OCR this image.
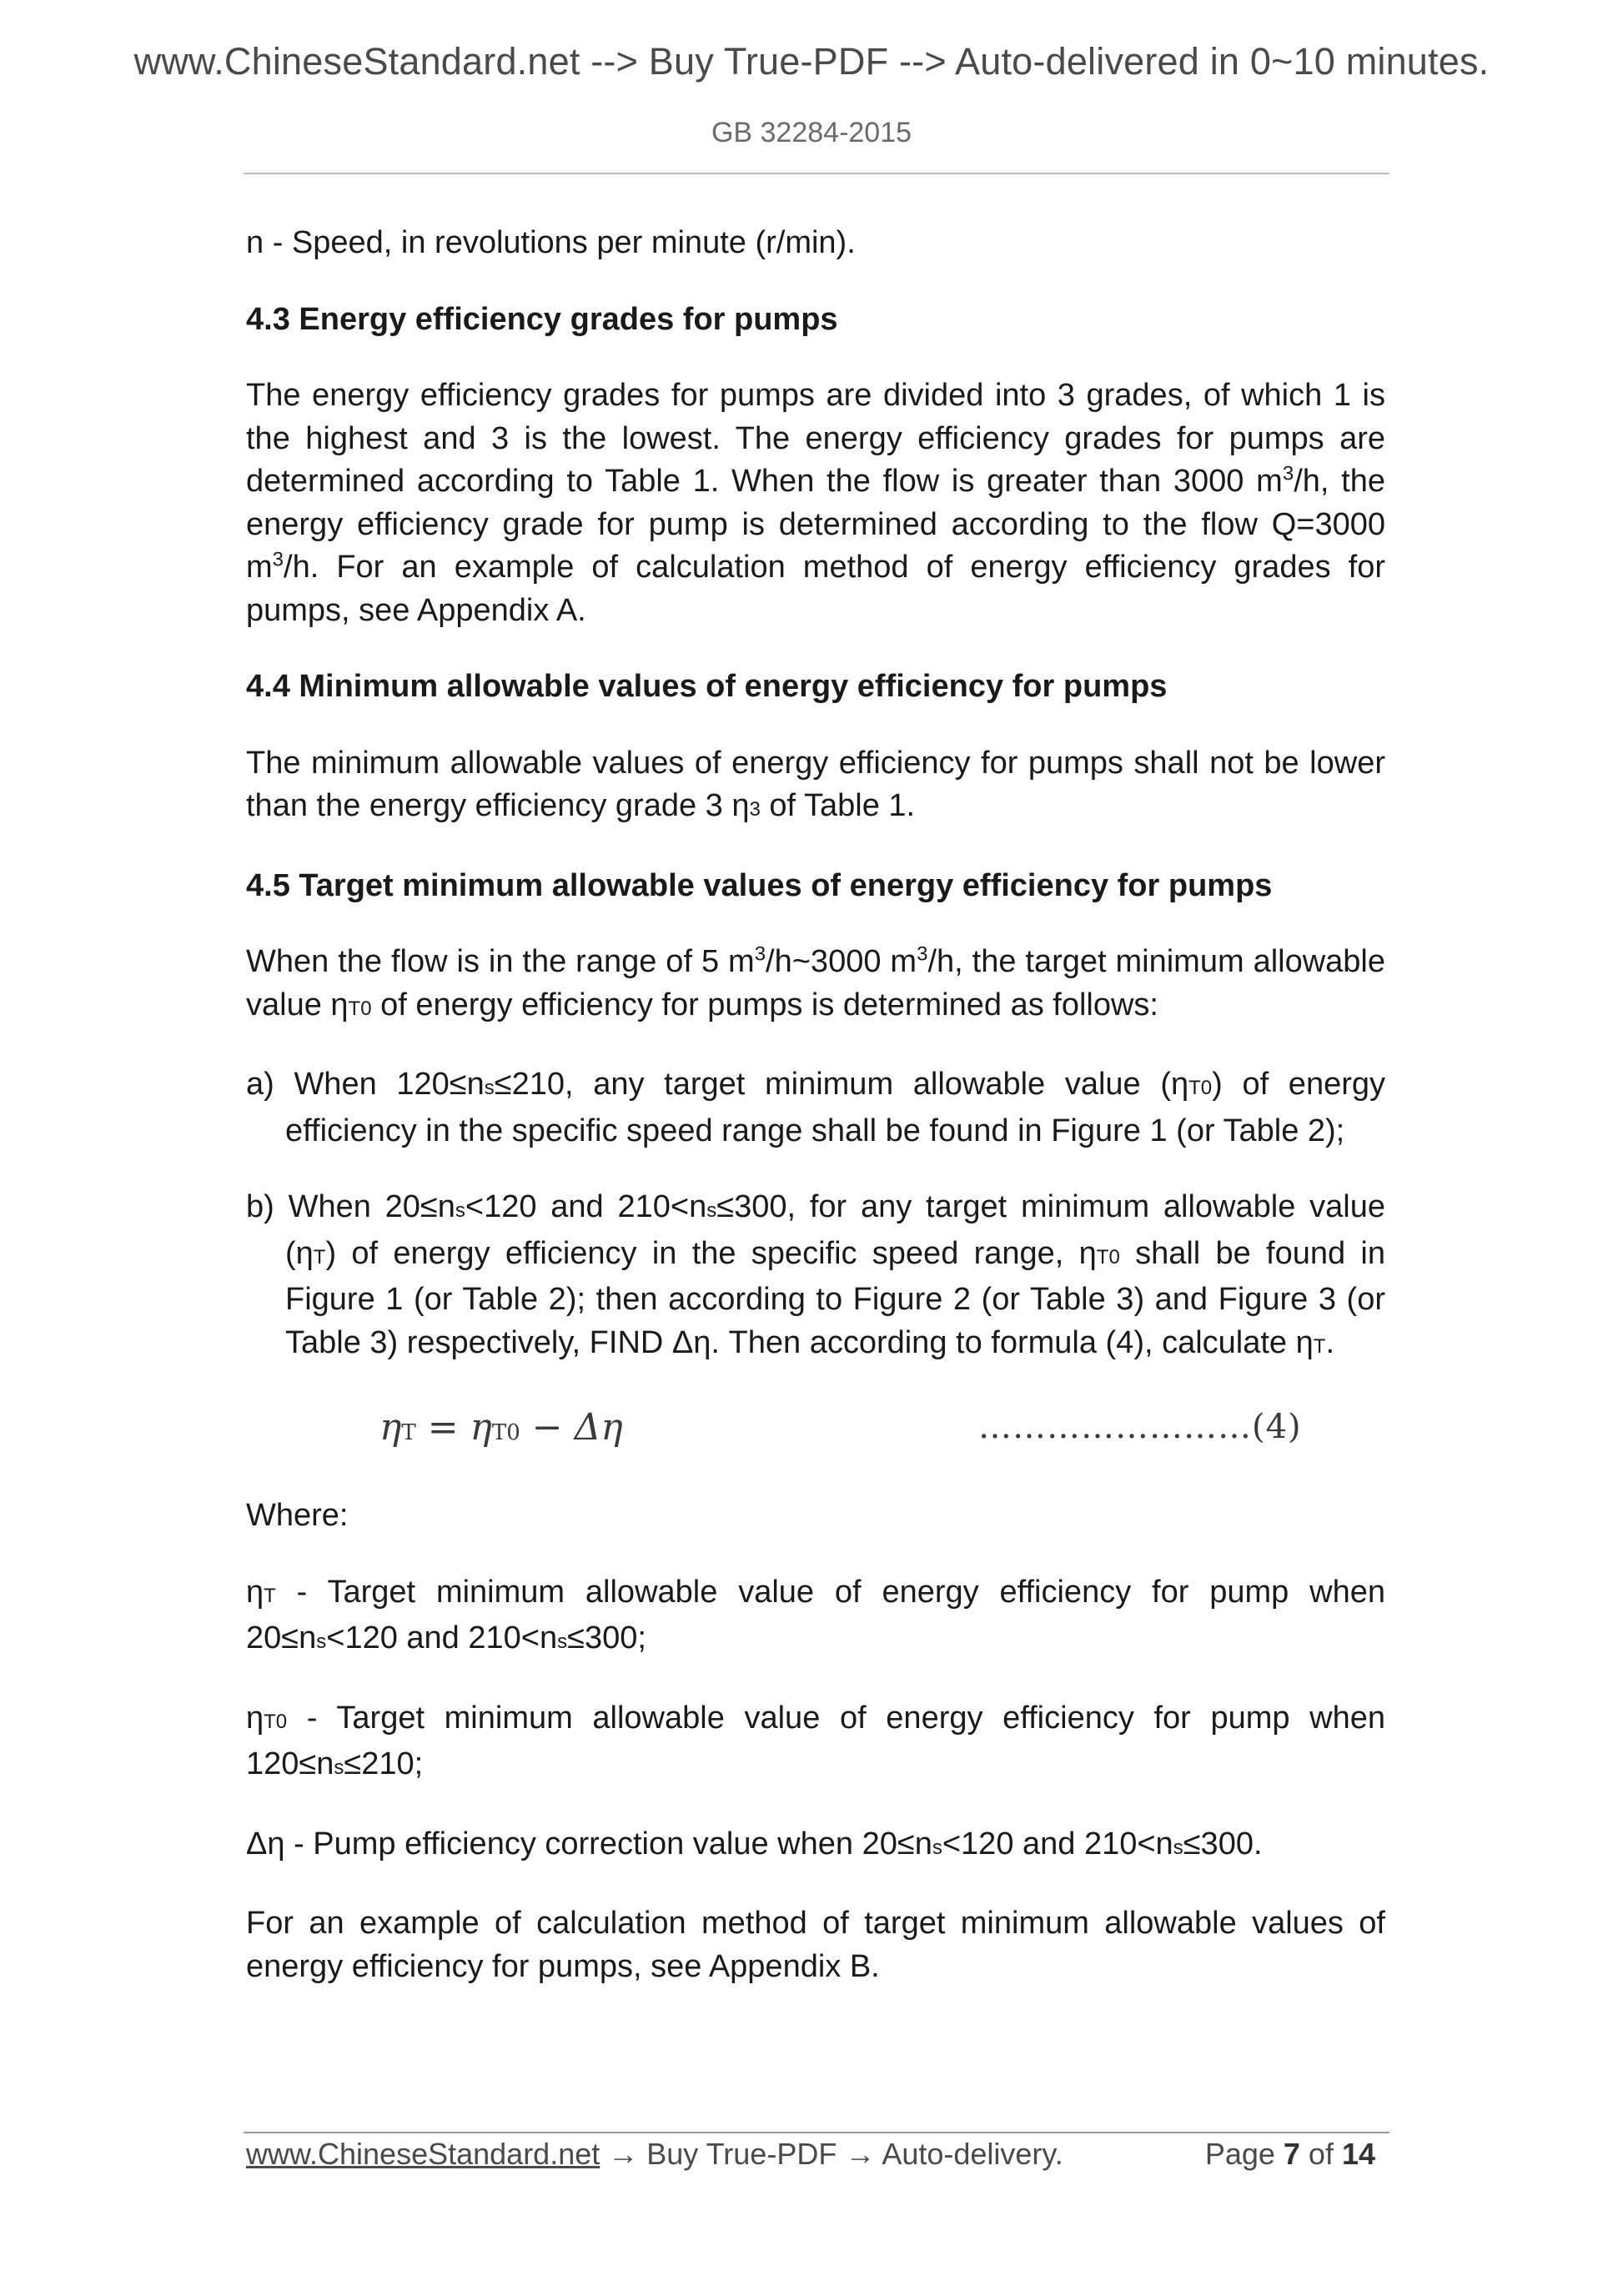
www.ChineseStandard.net --> Buy True-PDF --> Auto-delivered in 0~10 minutes.
GB 32284-2015

n - Speed, in revolutions per minute (r/min).

4.3 Energy efficiency grades for pumps

The energy efficiency grades for pumps are divided into 3 grades, of which 1 is the highest and 3 is the lowest. The energy efficiency grades for pumps are determined according to Table 1. When the flow is greater than 3000 $m^3/h$, the energy efficiency grade for pump is determined according to the flow Q=3000 $m^3/h$. For an example of calculation method of energy efficiency grades for pumps, see Appendix A.

4.4 Minimum allowable values of energy efficiency for pumps

The minimum allowable values of energy efficiency for pumps shall not be lower than the energy efficiency grade 3 η3 of Table 1.

4.5 Target minimum allowable values of energy efficiency for pumps

When the flow is in the range of 5 $m^3/h\sim 3000$ $m^3/h$, the target minimum allowable value ηT0 of energy efficiency for pumps is determined as follows:

a) When 120≤ns≤210, any target minimum allowable value (ηT0) of energy efficiency in the specific speed range shall be found in Figure 1 (or Table 2);

b) When 20≤ns<120 and 210<ns≤300, for any target minimum allowable value (ηT) of energy efficiency in the specific speed range, ηT0 shall be found in Figure 1 (or Table 2); then according to Figure 2 (or Table 3) and Figure 3 (or Table 3) respectively, FIND Δη. Then according to formula (4), calculate ηT.

ηT = ηT0 − Δη	……………………(4)

Where:

ηT - Target minimum allowable value of energy efficiency for pump when 20≤ns<120 and 210<ns≤300;

ηT0 - Target minimum allowable value of energy efficiency for pump when 120≤ns≤210;

Δη - Pump efficiency correction value when 20≤ns<120 and 210<ns≤300.

For an example of calculation method of target minimum allowable values of energy efficiency for pumps, see Appendix B.

www.ChineseStandard.net → Buy True-PDF → Auto-delivery.	Page 7 of 14
